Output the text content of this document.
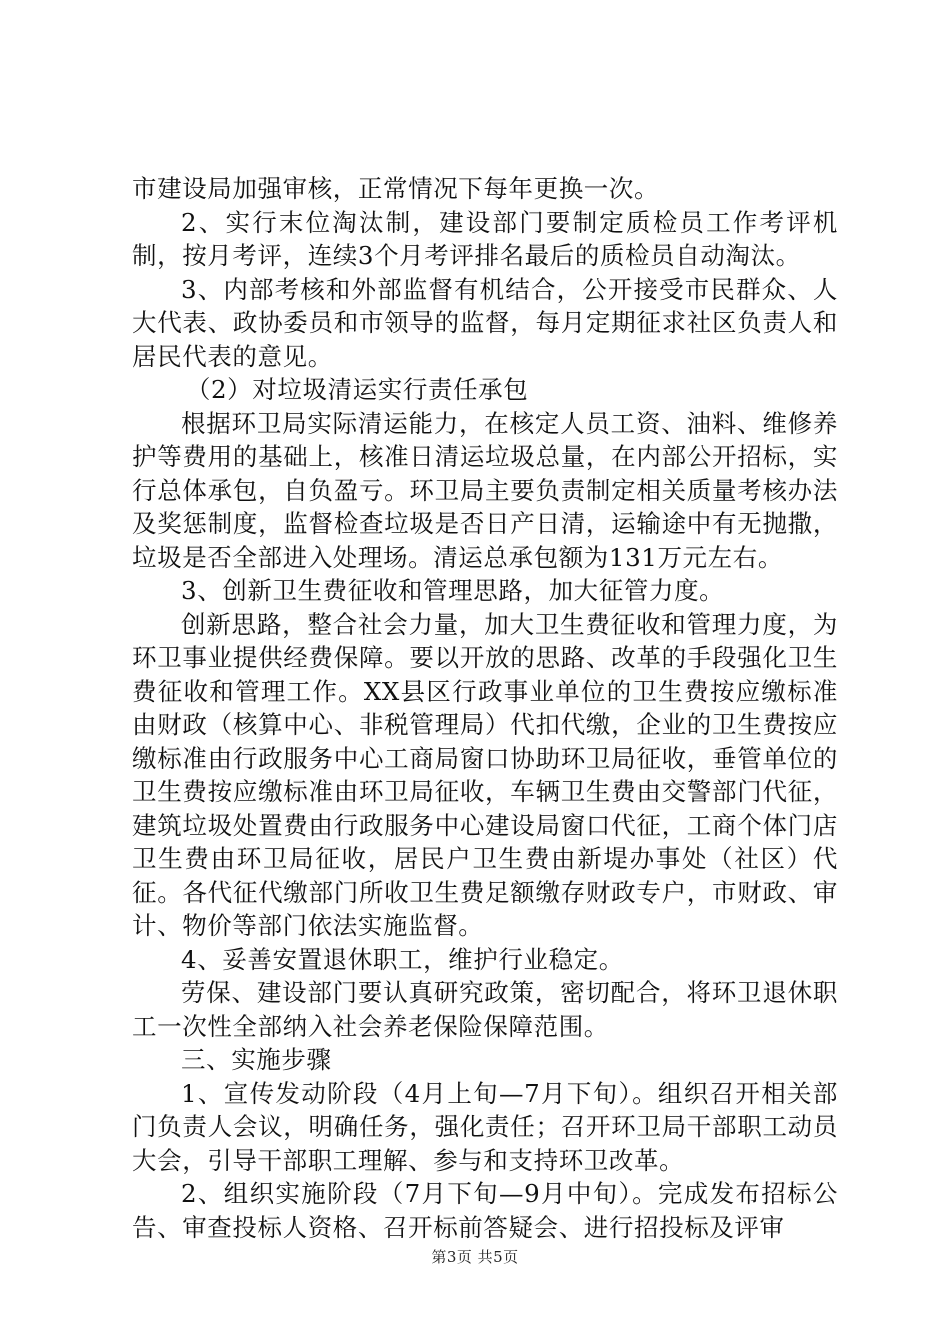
市建设局加强审核，正常情况下每年更换一次。

2、实行末位淘汰制，建设部门要制定质检员工作考评机制，按月考评，连续3个月考评排名最后的质检员自动淘汰。

3、内部考核和外部监督有机结合，公开接受市民群众、人大代表、政协委员和市领导的监督，每月定期征求社区负责人和居民代表的意见。

（2）对垃圾清运实行责任承包

根据环卫局实际清运能力，在核定人员工资、油料、维修养护等费用的基础上，核准日清运垃圾总量，在内部公开招标，实行总体承包，自负盈亏。环卫局主要负责制定相关质量考核办法及奖惩制度，监督检查垃圾是否日产日清，运输途中有无抛撒，垃圾是否全部进入处理场。清运总承包额为131万元左右。

3、创新卫生费征收和管理思路，加大征管力度。

创新思路，整合社会力量，加大卫生费征收和管理力度，为环卫事业提供经费保障。要以开放的思路、改革的手段强化卫生费征收和管理工作。XX县区行政事业单位的卫生费按应缴标准由财政（核算中心、非税管理局）代扣代缴，企业的卫生费按应缴标准由行政服务中心工商局窗口协助环卫局征收，垂管单位的卫生费按应缴标准由环卫局征收，车辆卫生费由交警部门代征，建筑垃圾处置费由行政服务中心建设局窗口代征，工商个体门店卫生费由环卫局征收，居民户卫生费由新堤办事处（社区）代征。各代征代缴部门所收卫生费足额缴存财政专户，市财政、审计、物价等部门依法实施监督。

4、妥善安置退休职工，维护行业稳定。

劳保、建设部门要认真研究政策，密切配合，将环卫退休职工一次性全部纳入社会养老保险保障范围。

三、实施步骤

1、宣传发动阶段（4月上旬—7月下旬）。组织召开相关部门负责人会议，明确任务，强化责任；召开环卫局干部职工动员大会，引导干部职工理解、参与和支持环卫改革。

2、组织实施阶段（7月下旬—9月中旬）。完成发布招标公告、审查投标人资格、召开标前答疑会、进行招投标及评审

第3页 共5页
